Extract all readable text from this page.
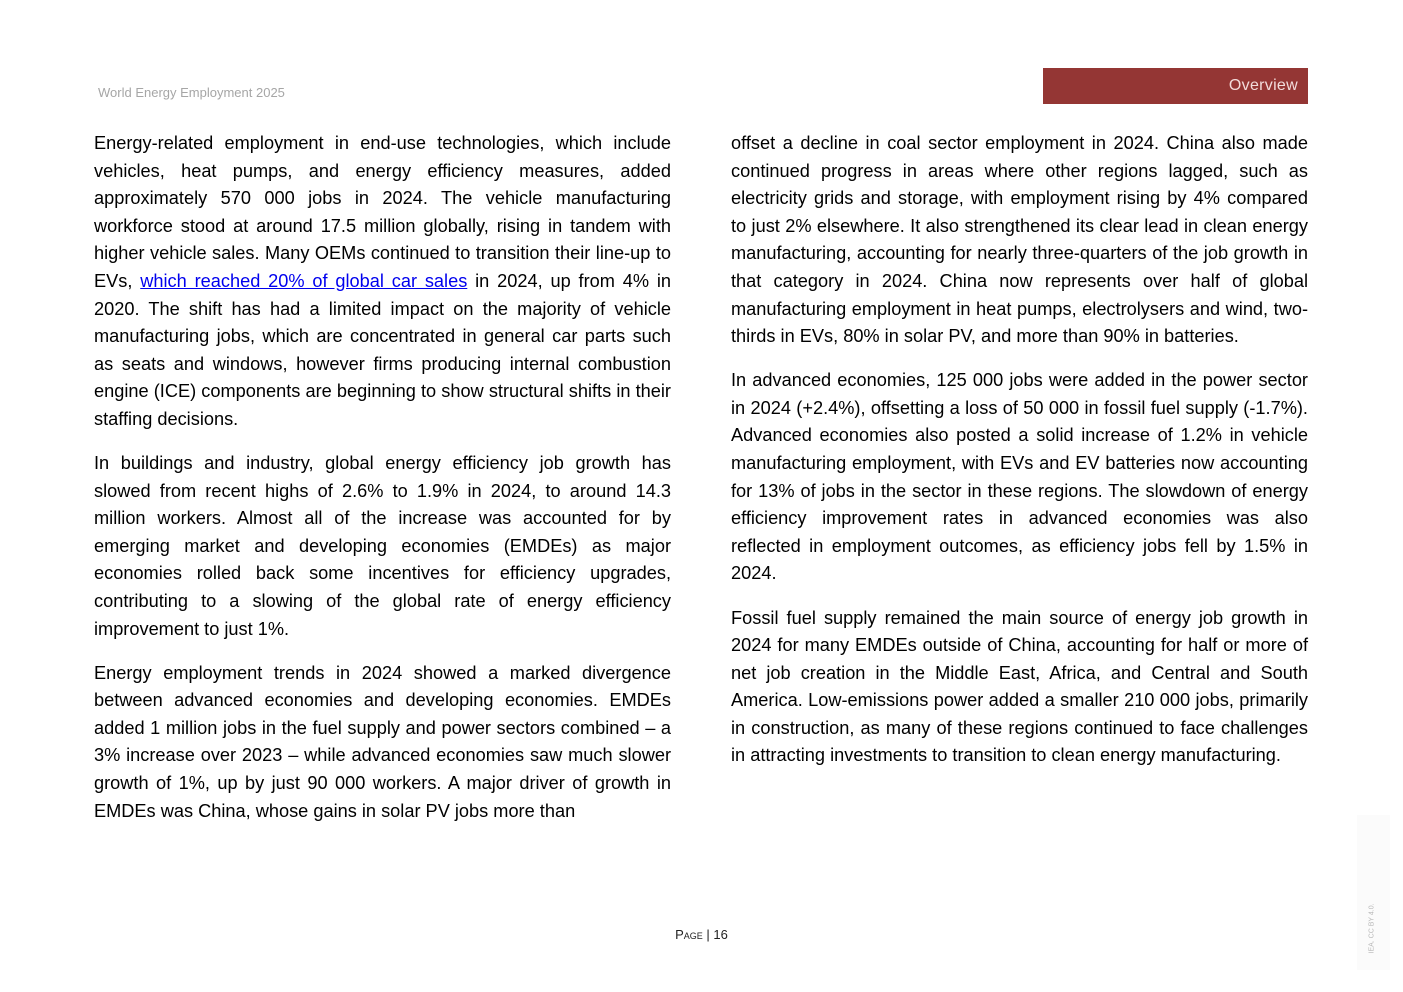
World Energy Employment 2025	Overview

Energy-related employment in end-use technologies, which include vehicles, heat pumps, and energy efficiency measures, added approximately 570 000 jobs in 2024. The vehicle manufacturing workforce stood at around 17.5 million globally, rising in tandem with higher vehicle sales. Many OEMs continued to transition their line-up to EVs, which reached 20% of global car sales in 2024, up from 4% in 2020. The shift has had a limited impact on the majority of vehicle manufacturing jobs, which are concentrated in general car parts such as seats and windows, however firms producing internal combustion engine (ICE) components are beginning to show structural shifts in their staffing decisions.

In buildings and industry, global energy efficiency job growth has slowed from recent highs of 2.6% to 1.9% in 2024, to around 14.3 million workers. Almost all of the increase was accounted for by emerging market and developing economies (EMDEs) as major economies rolled back some incentives for efficiency upgrades, contributing to a slowing of the global rate of energy efficiency improvement to just 1%.

Energy employment trends in 2024 showed a marked divergence between advanced economies and developing economies. EMDEs added 1 million jobs in the fuel supply and power sectors combined – a 3% increase over 2023 – while advanced economies saw much slower growth of 1%, up by just 90 000 workers. A major driver of growth in EMDEs was China, whose gains in solar PV jobs more than

offset a decline in coal sector employment in 2024. China also made continued progress in areas where other regions lagged, such as electricity grids and storage, with employment rising by 4% compared to just 2% elsewhere. It also strengthened its clear lead in clean energy manufacturing, accounting for nearly three-quarters of the job growth in that category in 2024. China now represents over half of global manufacturing employment in heat pumps, electrolysers and wind, two-thirds in EVs, 80% in solar PV, and more than 90% in batteries.

In advanced economies, 125 000 jobs were added in the power sector in 2024 (+2.4%), offsetting a loss of 50 000 in fossil fuel supply (-1.7%). Advanced economies also posted a solid increase of 1.2% in vehicle manufacturing employment, with EVs and EV batteries now accounting for 13% of jobs in the sector in these regions. The slowdown of energy efficiency improvement rates in advanced economies was also reflected in employment outcomes, as efficiency jobs fell by 1.5% in 2024.

Fossil fuel supply remained the main source of energy job growth in 2024 for many EMDEs outside of China, accounting for half or more of net job creation in the Middle East, Africa, and Central and South America. Low-emissions power added a smaller 210 000 jobs, primarily in construction, as many of these regions continued to face challenges in attracting investments to transition to clean energy manufacturing.

Page | 16	IEA. CC BY 4.0.
